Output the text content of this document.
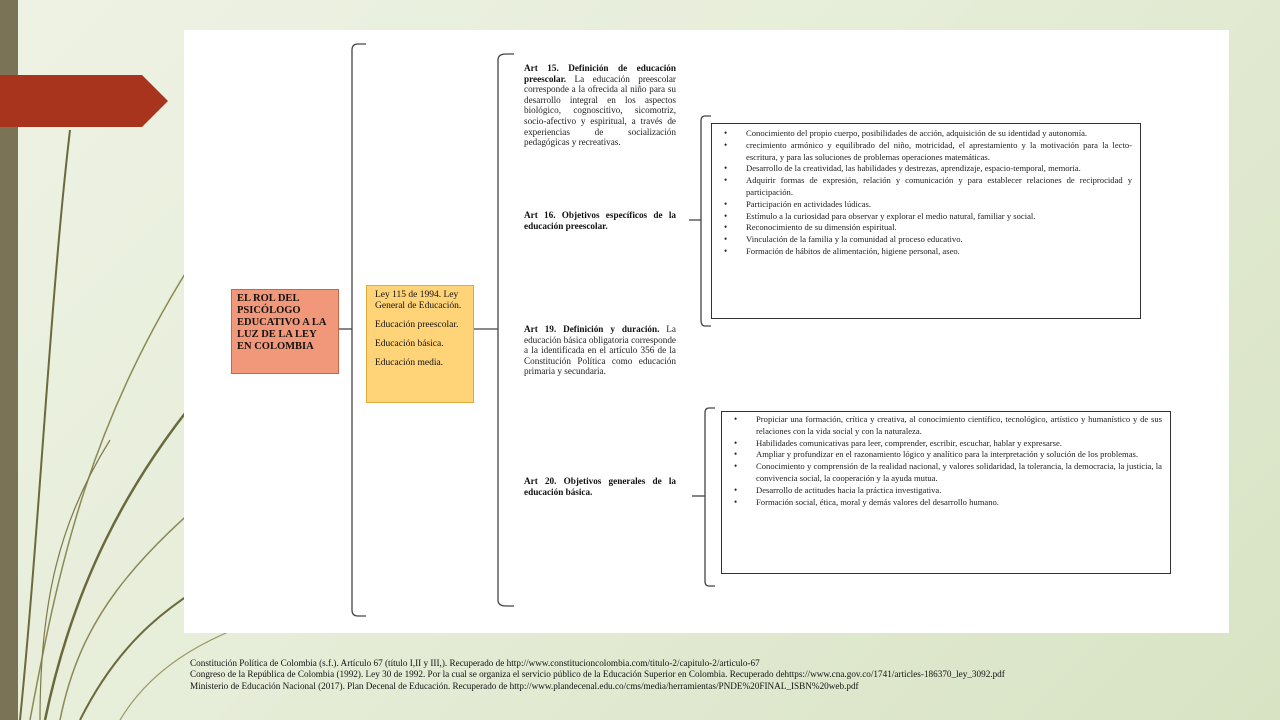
EL ROL DEL PSICÓLOGO EDUCATIVO A LA LUZ DE LA LEY EN COLOMBIA

Ley 115 de 1994. Ley General de Educación.

Educación preescolar.

Educación básica.

Educación media.

Art 15. Definición de educación preescolar. La educación preescolar corresponde a la ofrecida al niño para su desarrollo integral en los aspectos biológico, cognoscitivo, sicomotriz, socio-afectivo y espiritual, a través de experiencias de socialización pedagógicas y recreativas.
Art 16. Objetivos específicos de la educación preescolar.
Art 19. Definición y duración. La educación básica obligatoria corresponde a la identificada en el artículo 356 de la Constitución Política como educación primaria y secundaria.
Art 20. Objetivos generales de la educación básica.
• Conocimiento del propio cuerpo, posibilidades de acción, adquisición de su identidad y autonomía.
• crecimiento armónico y equilibrado del niño, motricidad, el aprestamiento y la motivación para la lecto-escritura, y para las soluciones de problemas operaciones matemáticas.
• Desarrollo de la creatividad, las habilidades y destrezas, aprendizaje, espacio-temporal, memoria.
• Adquirir formas de expresión, relación y comunicación y para establecer relaciones de reciprocidad y participación.
• Participación en actividades lúdicas.
• Estímulo a la curiosidad para observar y explorar el medio natural, familiar y social.
• Reconocimiento de su dimensión espiritual.
• Vinculación de la familia y la comunidad al proceso educativo.
• Formación de hábitos de alimentación, higiene personal, aseo.
• Propiciar una formación, crítica y creativa, al conocimiento científico, tecnológico, artístico y humanístico y de sus relaciones con la vida social y con la naturaleza.
• Habilidades comunicativas para leer, comprender, escribir, escuchar, hablar y expresarse.
• Ampliar y profundizar en el razonamiento lógico y analítico para la interpretación y solución de los problemas.
• Conocimiento y comprensión de la realidad nacional, y valores solidaridad, la tolerancia, la democracia, la justicia, la convivencia social, la cooperación y la ayuda mutua.
• Desarrollo de actitudes hacia la práctica investigativa.
• Formación social, ética, moral y demás valores del desarrollo humano.
Constitución Política de Colombia (s.f.). Artículo 67 (título I,II y III,). Recuperado de http://www.constitucioncolombia.com/titulo-2/capitulo-2/articulo-67
Congreso de la República de Colombia (1992). Ley 30 de 1992. Por la cual se organiza el servicio público de la Educación Superior en Colombia. Recuperado dehttps://www.cna.gov.co/1741/articles-186370_ley_3092.pdf
Ministerio de Educación Nacional (2017). Plan Decenal de Educación. Recuperado de http://www.plandecenal.edu.co/cms/media/herramientas/PNDE%20FINAL_ISBN%20web.pdf
